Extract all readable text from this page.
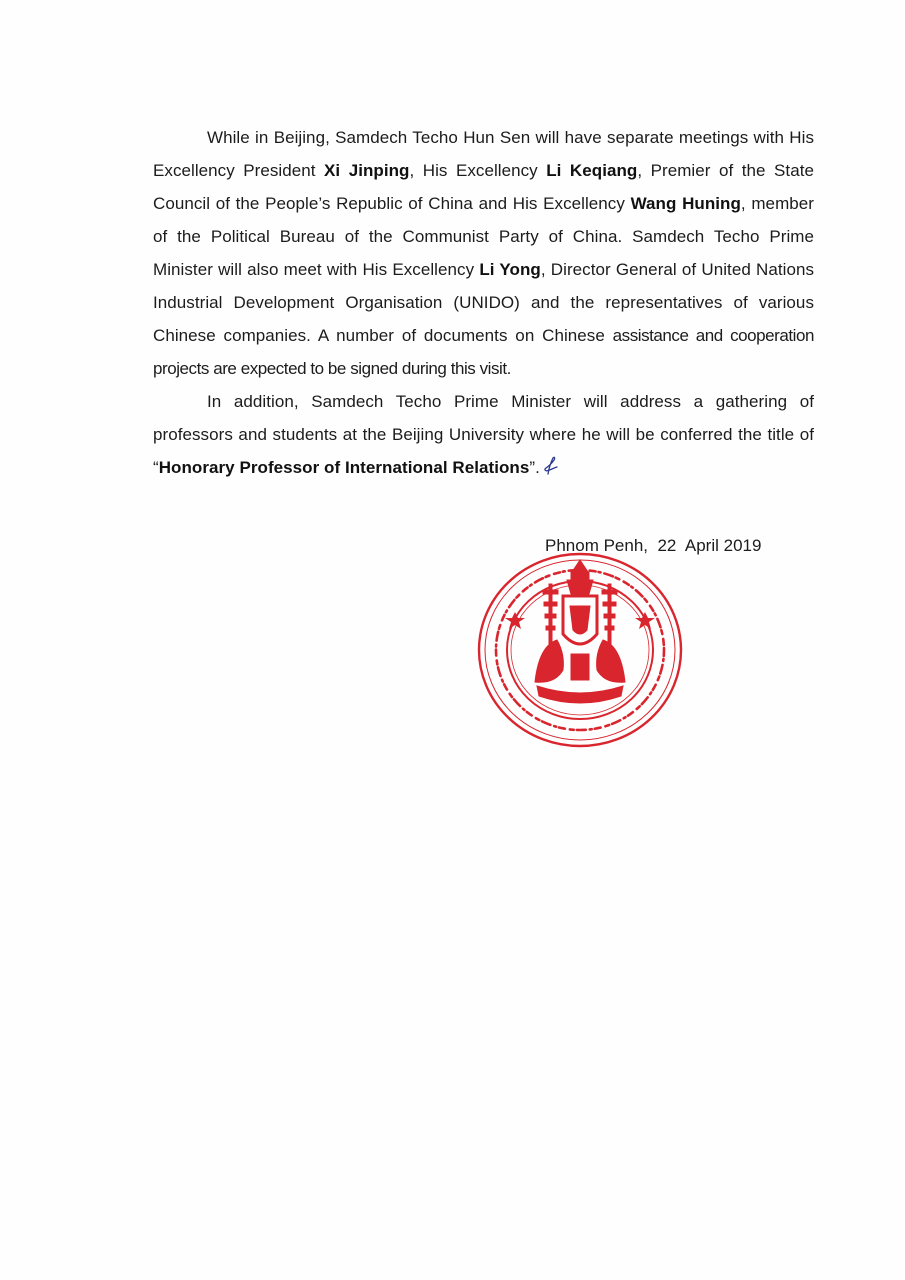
While in Beijing, Samdech Techo Hun Sen will have separate meetings with His Excellency President Xi Jinping, His Excellency Li Keqiang, Premier of the State Council of the People’s Republic of China and His Excellency Wang Huning, member of the Political Bureau of the Communist Party of China. Samdech Techo Prime Minister will also meet with His Excellency Li Yong, Director General of United Nations Industrial Development Organisation (UNIDO) and the representatives of various Chinese companies. A number of documents on Chinese assistance and cooperation projects are expected to be signed during this visit.

In addition, Samdech Techo Prime Minister will address a gathering of professors and students at the Beijing University where he will be conferred the title of “Honorary Professor of International Relations”.

Phnom Penh, 22  April 2019
